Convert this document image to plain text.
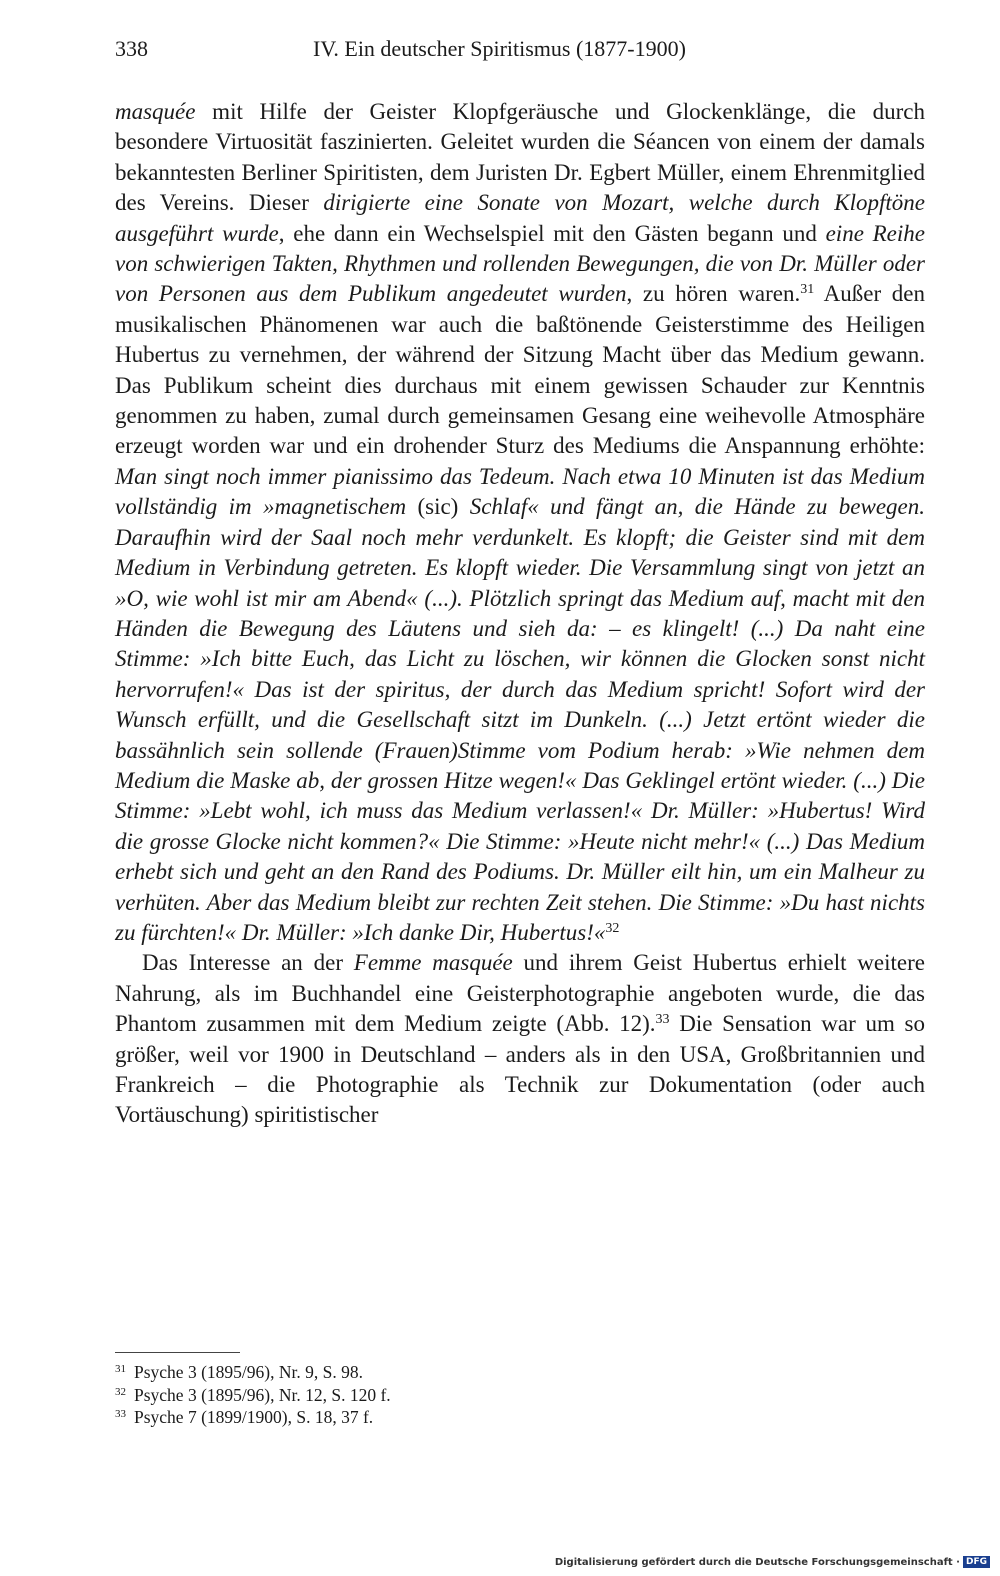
338	IV. Ein deutscher Spiritismus (1877-1900)

masquée mit Hilfe der Geister Klopfgeräusche und Glockenklänge, die durch besondere Virtuosität faszinierten. Geleitet wurden die Séancen von einem der damals bekanntesten Berliner Spiritisten, dem Juristen Dr. Egbert Müller, einem Ehrenmitglied des Vereins. Dieser dirigierte eine Sonate von Mozart, welche durch Klopftöne ausgeführt wurde, ehe dann ein Wechselspiel mit den Gästen begann und eine Reihe von schwierigen Takten, Rhythmen und rollenden Bewegungen, die von Dr. Müller oder von Personen aus dem Publikum angedeutet wurden, zu hören waren.$^{31}$ Außer den musikalischen Phänomenen war auch die baßtönende Geisterstimme des Heiligen Hubertus zu vernehmen, der während der Sitzung Macht über das Medium gewann. Das Publikum scheint dies durchaus mit einem gewissen Schauder zur Kenntnis genommen zu haben, zumal durch gemeinsamen Gesang eine weihevolle Atmosphäre erzeugt worden war und ein drohender Sturz des Mediums die Anspannung erhöhte: Man singt noch immer pianissimo das Tedeum. Nach etwa 10 Minuten ist das Medium vollständig im »magnetischem (sic) Schlaf« und fängt an, die Hände zu bewegen. Daraufhin wird der Saal noch mehr verdunkelt. Es klopft; die Geister sind mit dem Medium in Verbindung getreten. Es klopft wieder. Die Versammlung singt von jetzt an »O, wie wohl ist mir am Abend« (...). Plötzlich springt das Medium auf, macht mit den Händen die Bewegung des Läutens und sieh da: – es klingelt! (...) Da naht eine Stimme: »Ich bitte Euch, das Licht zu löschen, wir können die Glocken sonst nicht hervorrufen!« Das ist der spiritus, der durch das Medium spricht! Sofort wird der Wunsch erfüllt, und die Gesellschaft sitzt im Dunkeln. (...) Jetzt ertönt wieder die bassähnlich sein sollende (Frauen)Stimme vom Podium herab: »Wie nehmen dem Medium die Maske ab, der grossen Hitze wegen!« Das Geklingel ertönt wieder. (...) Die Stimme: »Lebt wohl, ich muss das Medium verlassen!« Dr. Müller: »Hubertus! Wird die grosse Glocke nicht kommen?« Die Stimme: »Heute nicht mehr!« (...) Das Medium erhebt sich und geht an den Rand des Podiums. Dr. Müller eilt hin, um ein Malheur zu verhüten. Aber das Medium bleibt zur rechten Zeit stehen. Die Stimme: »Du hast nichts zu fürchten!« Dr. Müller: »Ich danke Dir, Hubertus!«$^{32}$

Das Interesse an der Femme masquée und ihrem Geist Hubertus erhielt weitere Nahrung, als im Buchhandel eine Geisterphotographie angeboten wurde, die das Phantom zusammen mit dem Medium zeigte (Abb. 12).$^{33}$ Die Sensation war um so größer, weil vor 1900 in Deutschland – anders als in den USA, Großbritannien und Frankreich – die Photographie als Technik zur Dokumentation (oder auch Vortäuschung) spiritistischer

$^{31}$ Psyche 3 (1895/96), Nr. 9, S. 98.

$^{32}$ Psyche 3 (1895/96), Nr. 12, S. 120 f.

$^{33}$ Psyche 7 (1899/1900), S. 18, 37 f.

Digitalisierung gefördert durch die Deutsche Forschungsgemeinschaft · DFG
